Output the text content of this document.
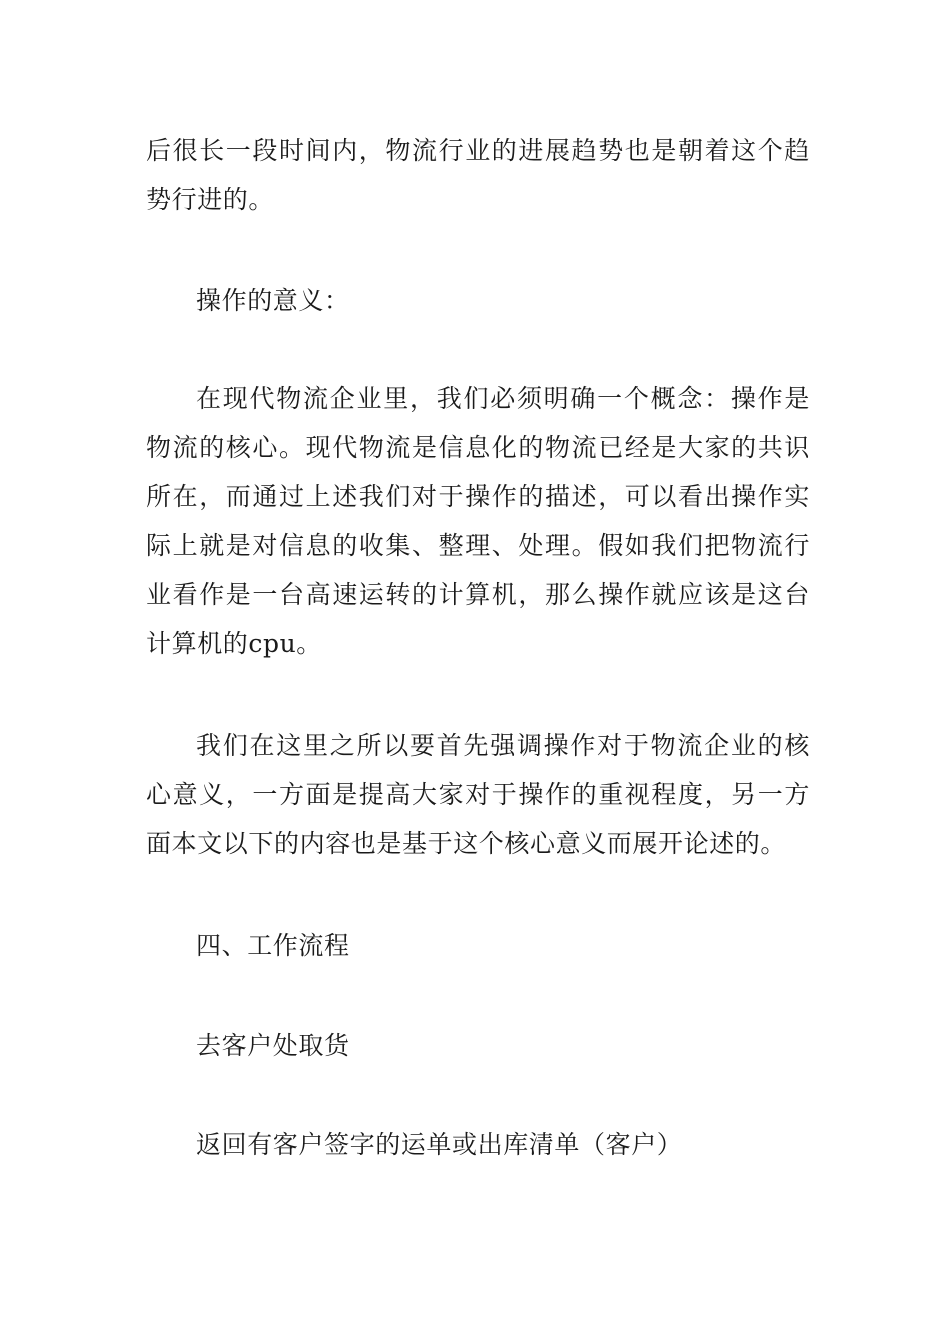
后很长一段时间内，物流行业的进展趋势也是朝着这个趋势行进的。

操作的意义：

在现代物流企业里，我们必须明确一个概念：操作是物流的核心。现代物流是信息化的物流已经是大家的共识所在，而通过上述我们对于操作的描述，可以看出操作实际上就是对信息的收集、整理、处理。假如我们把物流行业看作是一台高速运转的计算机，那么操作就应该是这台计算机的cpu。

我们在这里之所以要首先强调操作对于物流企业的核心意义，一方面是提高大家对于操作的重视程度，另一方面本文以下的内容也是基于这个核心意义而展开论述的。

四、工作流程

去客户处取货

返回有客户签字的运单或出库清单（客户）
